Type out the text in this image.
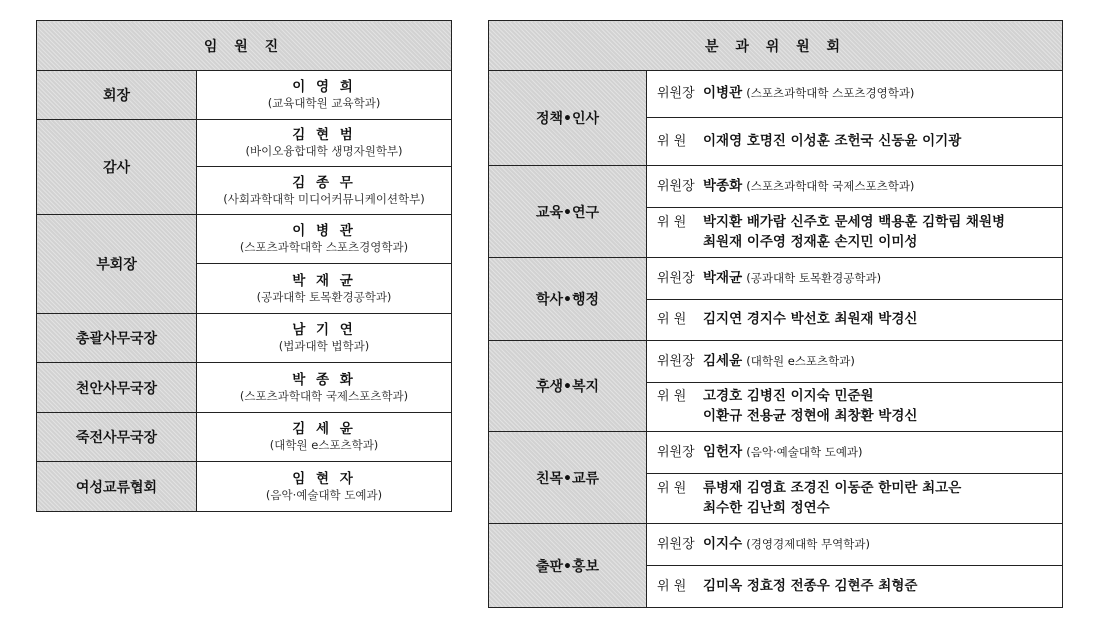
임 원 진	
회장	이 영 희
(교육대학원 교육학과)

감사	김 현 범
(바이오융합대학 생명자원학부)

	김 종 무
(사회과학대학 미디어커뮤니케이션학부)

부회장	이 병 관
(스포츠과학대학 스포츠경영학과)

	박 재 균
(공과대학 토목환경공학과)

총괄사무국장	남 기 연
(법과대학 법학과)

천안사무국장	박 종 화
(스포츠과학대학 국제스포츠학과)

죽전사무국장	김 세 윤
(대학원 e스포츠학과)

여성교류협회	임 현 자
(음악·예술대학 도예과)
분 과 위 원 회	
정책•인사	위원장 이병관 (스포츠과학대학 스포츠경영학과)
	위 원 이재영 호명진 이성훈 조헌국 신동윤 이기광
교육•연구	위원장 박종화 (스포츠과학대학 국제스포츠학과)
	위 원 박지환 배가람 신주호 문세영 백용훈 김학림 채원병
최원재 이주영 정재훈 손지민 이미성

학사•행정	위원장 박재균 (공과대학 토목환경공학과)
	위 원 김지연 경지수 박선호 최원재 박경신
후생•복지	위원장 김세윤 (대학원 e스포츠학과)
	위 원 고경호 김병진 이지숙 민준원
이환규 전용균 정현애 최창환 박경신

친목•교류	위원장 임헌자 (음악·예술대학 도예과)
	위 원 류병재 김영효 조경진 이동준 한미란 최고은
최수한 김난희 정연수

출판•홍보	위원장 이지수 (경영경제대학 무역학과)
	위 원 김미옥 정효정 전종우 김현주 최형준
